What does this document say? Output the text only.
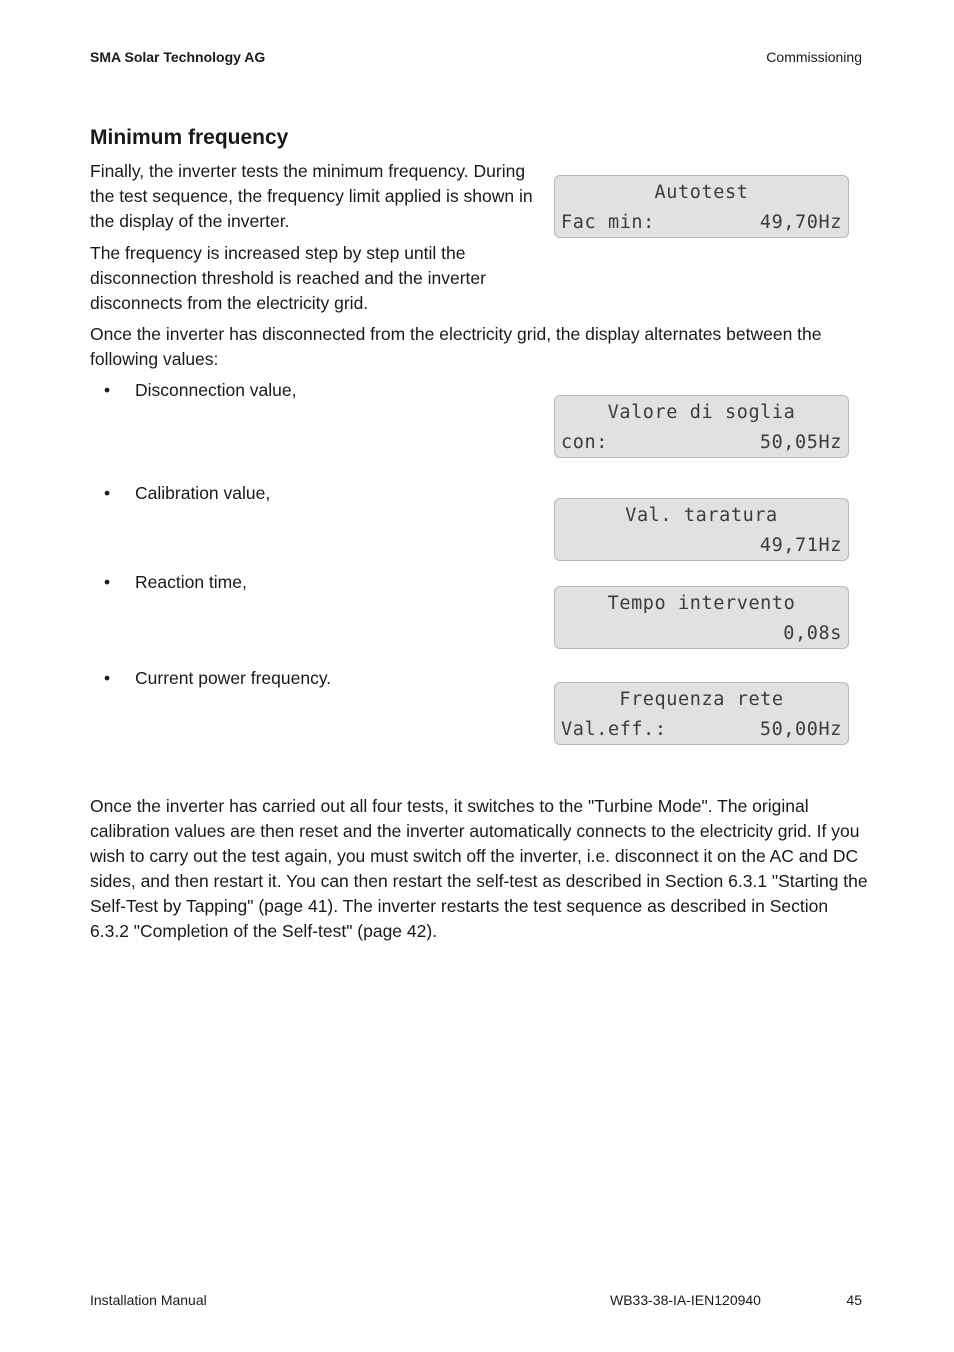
SMA Solar Technology AG	Commissioning
Minimum frequency

Finally, the inverter tests the minimum frequency. During

the test sequence, the frequency limit applied is shown in

the display of the inverter.

The frequency is increased step by step until the

disconnection threshold is reached and the inverter

disconnects from the electricity grid.

Once the inverter has disconnected from the electricity grid, the display alternates between the

following values:

Autotest
Fac min:	49,70Hz
• Disconnection value,
Valore di soglia
con:	50,05Hz
• Calibration value,
Val. taratura
49,71Hz
• Reaction time,
Tempo intervento
0,08s
• Current power frequency.
Frequenza rete
Val.eff.:	50,00Hz

Once the inverter has carried out all four tests, it switches to the "Turbine Mode". The original

calibration values are then reset and the inverter automatically connects to the electricity grid. If you

wish to carry out the test again, you must switch off the inverter, i.e. disconnect it on the AC and DC

sides, and then restart it. You can then restart the self-test as described in Section 6.3.1 "Starting the

Self-Test by Tapping" (page 41). The inverter restarts the test sequence as described in Section

6.3.2 "Completion of the Self-test" (page 42).

Installation Manual	WB33-38-IA-IEN120940	45
